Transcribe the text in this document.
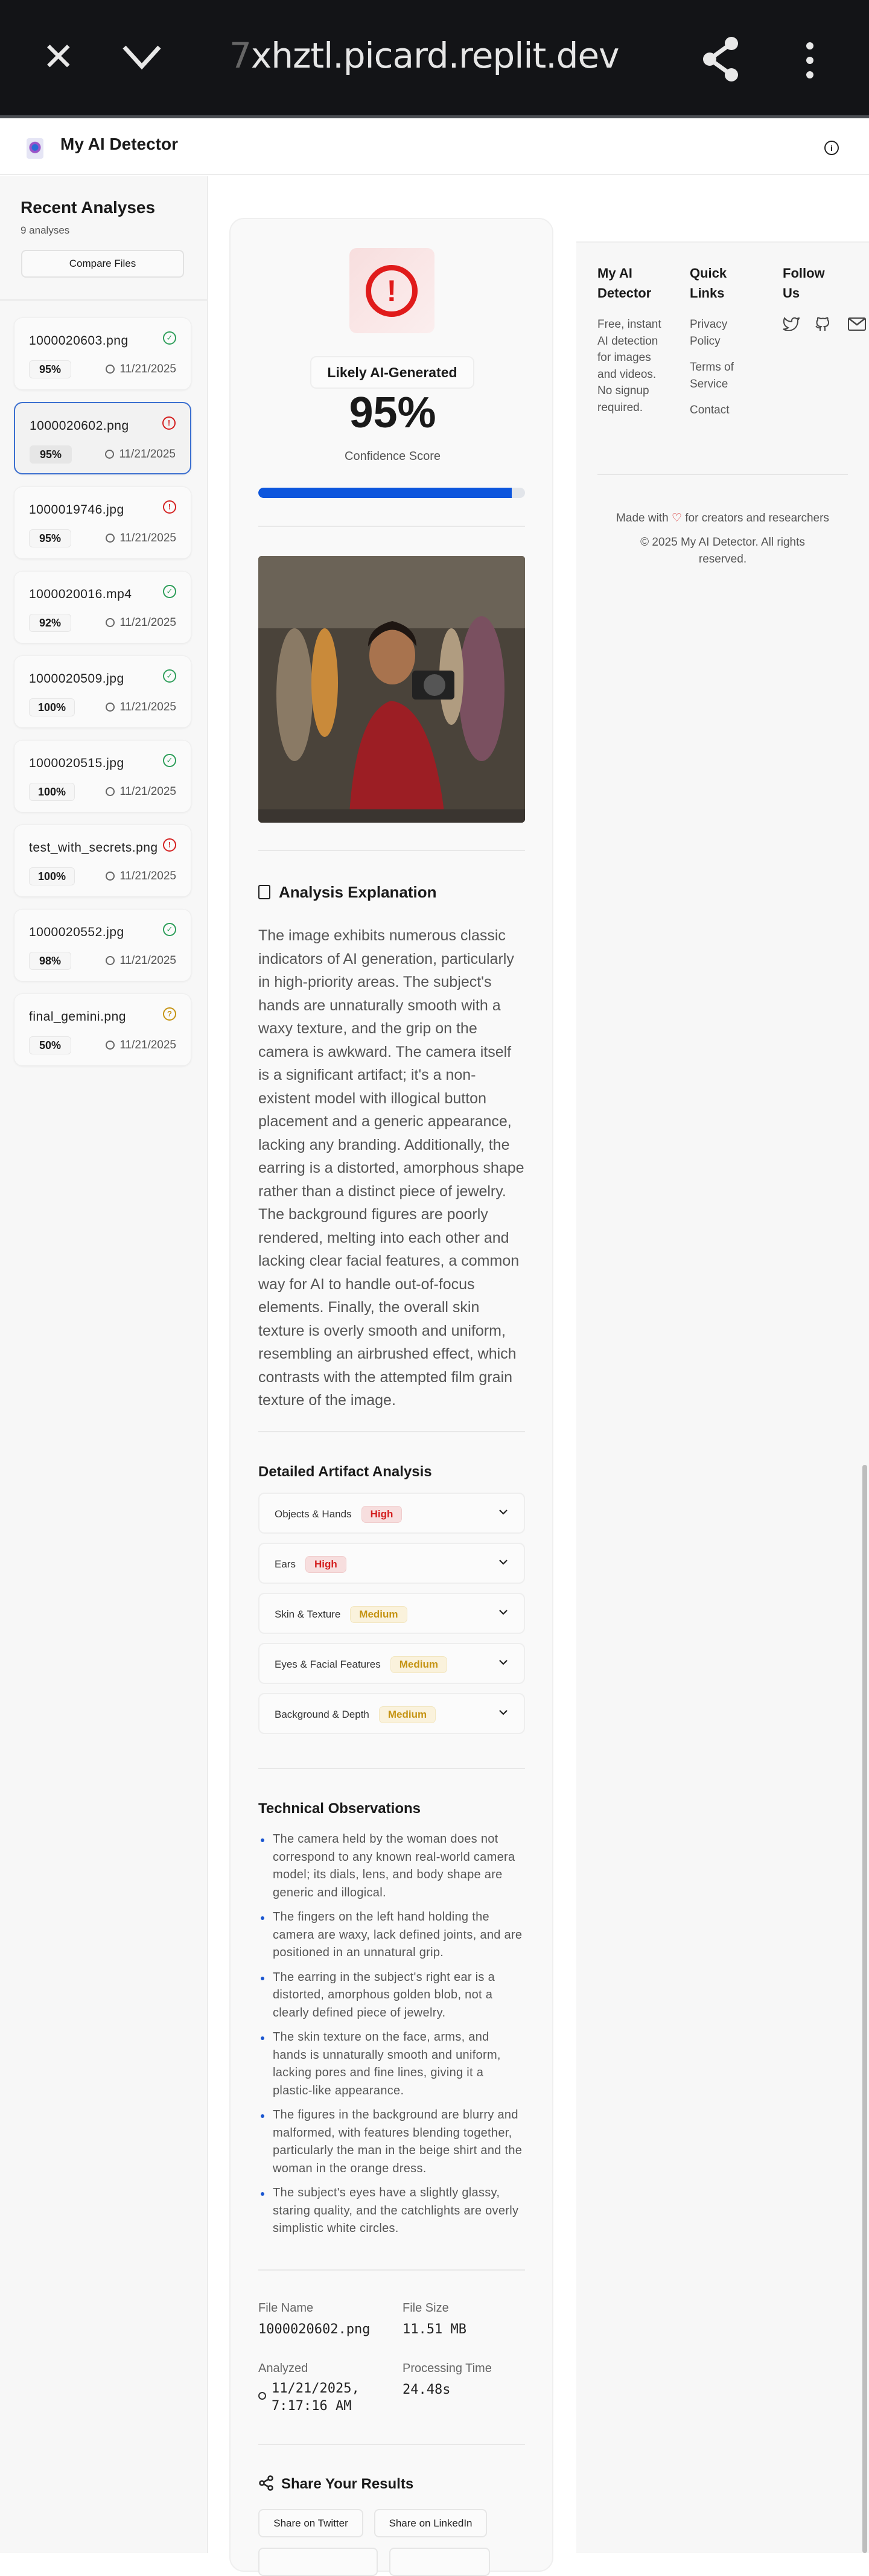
✕	7xhztl.picard.replit.dev
My AI Detector	i
Recent Analyses
9 analyses
Compare Files
1000020603.png	✓
95%	11/21/2025
1000020602.png	!
95%	11/21/2025
1000019746.jpg	!
95%	11/21/2025
1000020016.mp4	✓
92%	11/21/2025
1000020509.jpg	✓
100%	11/21/2025
1000020515.jpg	✓
100%	11/21/2025
test_with_secrets.png	!
100%	11/21/2025
1000020552.jpg	✓
98%	11/21/2025
final_gemini.png	?
50%	11/21/2025
!
Likely AI-Generated
95%
Confidence Score
Analysis Explanation
The image exhibits numerous classic indicators of AI generation, particularly in high-priority areas. The subject's hands are unnaturally smooth with a waxy texture, and the grip on the camera is awkward. The camera itself is a significant artifact; it's a non-existent model with illogical button placement and a generic appearance, lacking any branding. Additionally, the earring is a distorted, amorphous shape rather than a distinct piece of jewelry. The background figures are poorly rendered, melting into each other and lacking clear facial features, a common way for AI to handle out-of-focus elements. Finally, the overall skin texture is overly smooth and uniform, resembling an airbrushed effect, which contrasts with the attempted film grain texture of the image.
Detailed Artifact Analysis
Objects & Hands High
Ears High
Skin & Texture Medium
Eyes & Facial Features Medium
Background & Depth Medium
Technical Observations
The camera held by the woman does not correspond to any known real-world camera model; its dials, lens, and body shape are generic and illogical.
The fingers on the left hand holding the camera are waxy, lack defined joints, and are positioned in an unnatural grip.
The earring in the subject's right ear is a distorted, amorphous golden blob, not a clearly defined piece of jewelry.
The skin texture on the face, arms, and hands is unnaturally smooth and uniform, lacking pores and fine lines, giving it a plastic-like appearance.
The figures in the background are blurry and malformed, with features blending together, particularly the man in the beige shirt and the woman in the orange dress.
The subject's eyes have a slightly glassy, staring quality, and the catchlights are overly simplistic white circles.
File Name
1000020602.png
File Size
11.51 MB
Analyzed
11/21/2025,
7:17:16 AM
Processing Time
24.48s
Share Your Results
Share on Twitter	Share on LinkedIn
My AI Detector
Free, instant AI detection for images and videos. No signup required.
Quick Links
Privacy Policy
Terms of Service
Contact
Follow Us
Made with ♡ for creators and researchers
© 2025 My AI Detector. All rights reserved.
